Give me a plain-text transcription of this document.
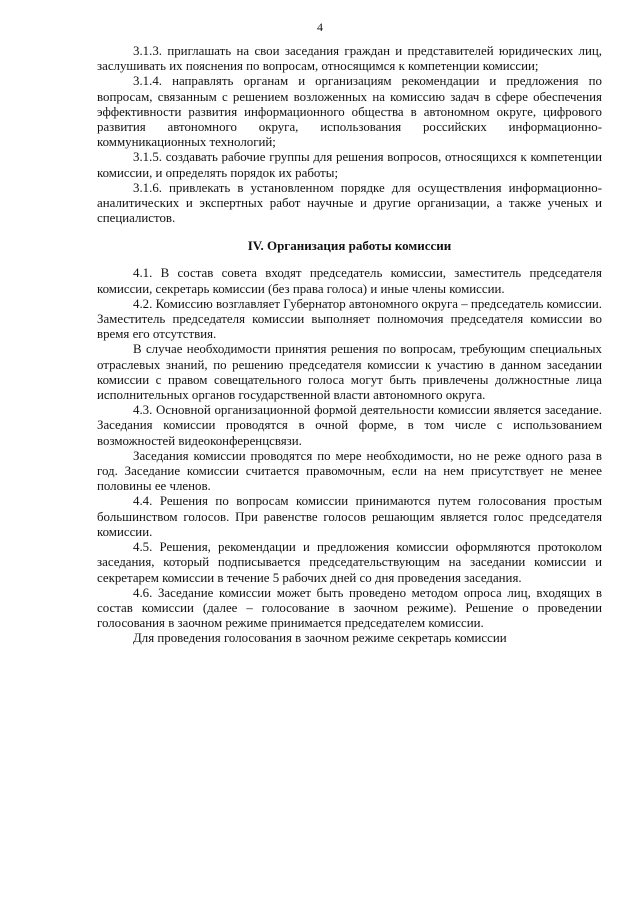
4

3.1.3. приглашать на свои заседания граждан и представителей юридических лиц, заслушивать их пояснения по вопросам, относящимся к компетенции комиссии;

3.1.4. направлять органам и организациям рекомендации и предложения по вопросам, связанным с решением возложенных на комиссию задач в сфере обеспечения эффективности развития информационного общества в автономном округе, цифрового развития автономного округа, использования российских информационно-коммуникационных технологий;

3.1.5. создавать рабочие группы для решения вопросов, относящихся к компетенции комиссии, и определять порядок их работы;

3.1.6. привлекать в установленном порядке для осуществления информационно-аналитических и экспертных работ научные и другие организации, а также ученых и специалистов.

IV. Организация работы комиссии

4.1. В состав совета входят председатель комиссии, заместитель председателя комиссии, секретарь комиссии (без права голоса) и иные члены комиссии.

4.2. Комиссию возглавляет Губернатор автономного округа – председатель комиссии. Заместитель председателя комиссии выполняет полномочия председателя комиссии во время его отсутствия.

В случае необходимости принятия решения по вопросам, требующим специальных отраслевых знаний, по решению председателя комиссии к участию в данном заседании комиссии с правом совещательного голоса могут быть привлечены должностные лица исполнительных органов государственной власти автономного округа.

4.3. Основной организационной формой деятельности комиссии является заседание. Заседания комиссии проводятся в очной форме, в том числе с использованием возможностей видеоконференцсвязи.

Заседания комиссии проводятся по мере необходимости, но не реже одного раза в год. Заседание комиссии считается правомочным, если на нем присутствует не менее половины ее членов.

4.4. Решения по вопросам комиссии принимаются путем голосования простым большинством голосов. При равенстве голосов решающим является голос председателя комиссии.

4.5. Решения, рекомендации и предложения комиссии оформляются протоколом заседания, который подписывается председательствующим на заседании комиссии и секретарем комиссии в течение 5 рабочих дней со дня проведения заседания.

4.6. Заседание комиссии может быть проведено методом опроса лиц, входящих в состав комиссии (далее – голосование в заочном режиме). Решение о проведении голосования в заочном режиме принимается председателем комиссии.

Для проведения голосования в заочном режиме секретарь комиссии
